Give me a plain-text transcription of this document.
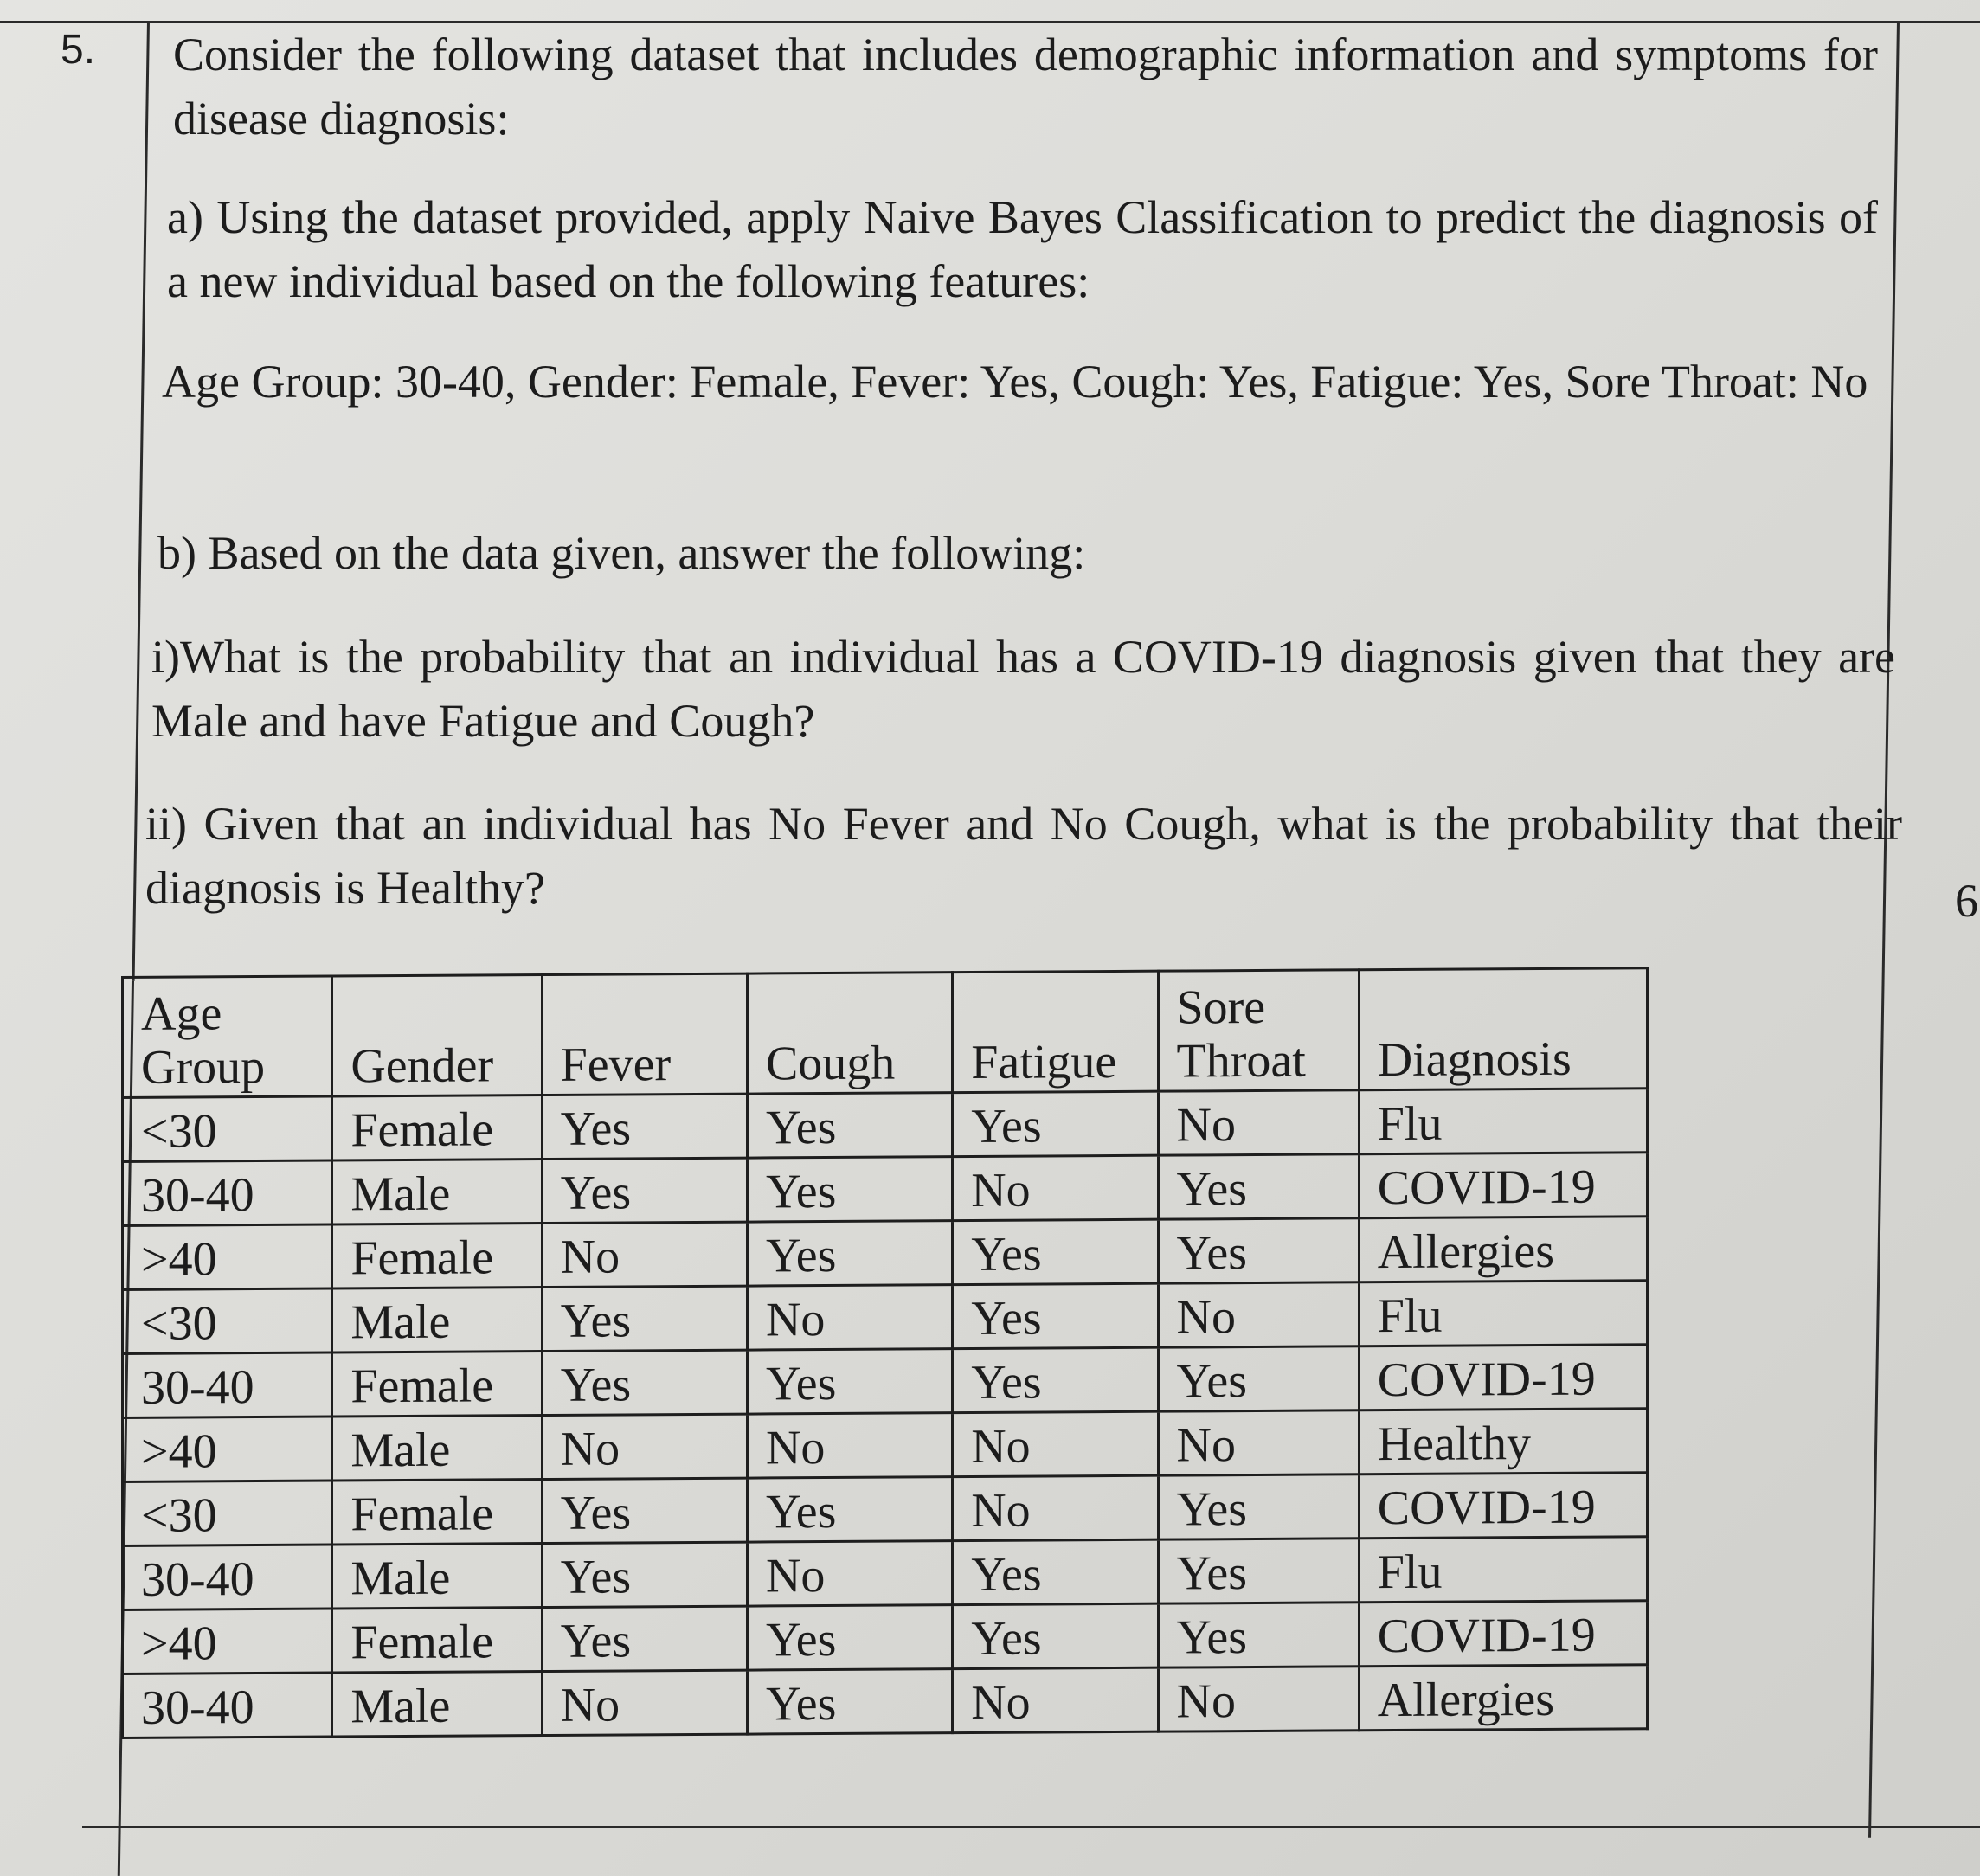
5. Consider the following dataset that includes demographic information and symptoms for disease diagnosis:

a) Using the dataset provided, apply Naive Bayes Classification to predict the diagnosis of a new individual based on the following features:

Age Group: 30-40, Gender: Female, Fever: Yes, Cough: Yes, Fatigue: Yes, Sore Throat: No

b) Based on the data given, answer the following:

i)What is the probability that an individual has a COVID-19 diagnosis given that they are Male and have Fatigue and Cough?

ii) Given that an individual has No Fever and No Cough, what is the probability that their diagnosis is Healthy?	6
Age Group	Gender	Fever	Cough	Fatigue	Sore Throat	Diagnosis
<30	Female	Yes	Yes	Yes	No	Flu
30-40	Male	Yes	Yes	No	Yes	COVID-19
>40	Female	No	Yes	Yes	Yes	Allergies
<30	Male	Yes	No	Yes	No	Flu
30-40	Female	Yes	Yes	Yes	Yes	COVID-19
>40	Male	No	No	No	No	Healthy
<30	Female	Yes	Yes	No	Yes	COVID-19
30-40	Male	Yes	No	Yes	Yes	Flu
>40	Female	Yes	Yes	Yes	Yes	COVID-19
30-40	Male	No	Yes	No	No	Allergies
